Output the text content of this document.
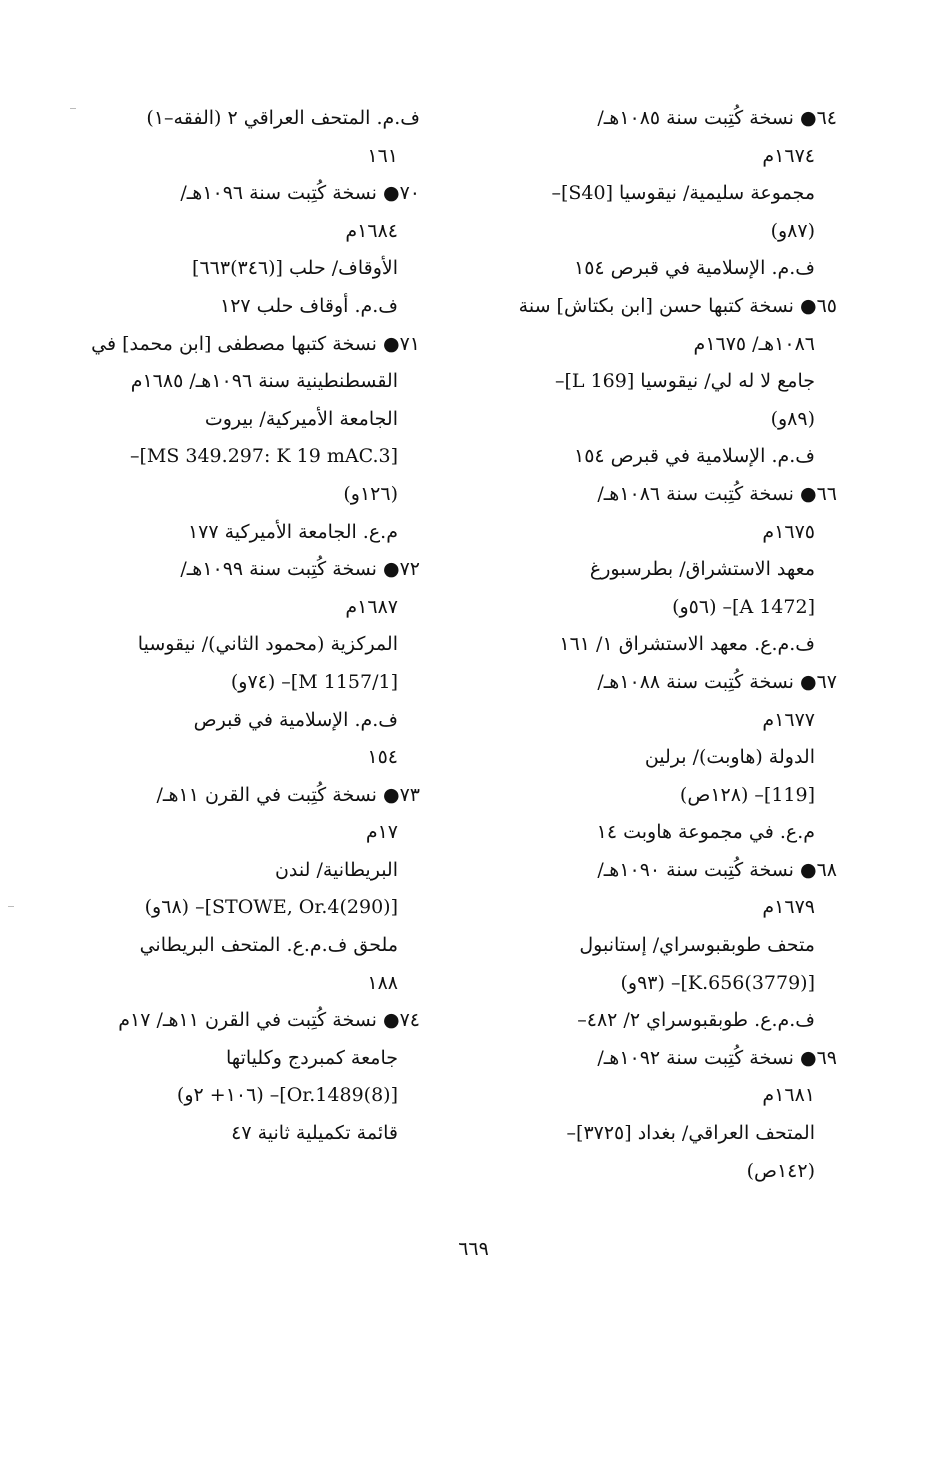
٦٤● نسخة كُتِبت سنة ١٠٨٥هـ/
١٦٧٤م
مجموعة سليمية/ نيقوسيا [S40]–
(٨٧و)
ف.م. الإسلامية في قبرص ١٥٤
٦٥● نسخة كتبها حسن [ابن بكتاش] سنة
١٠٨٦هـ/ ١٦٧٥م
جامع لا له لي/ نيقوسيا [L 169]–
(٨٩و)
ف.م. الإسلامية في قبرص ١٥٤
٦٦● نسخة كُتِبت سنة ١٠٨٦هـ/
١٦٧٥م
معهد الاستشراق/ بطرسبورغ
[A 1472]– (٥٦و)
ف.م.ع. معهد الاستشراق ١/ ١٦١
٦٧● نسخة كُتِبت سنة ١٠٨٨هـ/
١٦٧٧م
الدولة (هاوبت)/ برلين
[119]– (١٢٨ص)
م.ع. في مجموعة هاوبت ١٤
٦٨● نسخة كُتِبت سنة ١٠٩٠هـ/
١٦٧٩م
متحف طوبقبوسراي/ إستانبول
[(3779)K.656]– (٩٣و)
ف.م.ع. طوبقبوسراي ٢/ ٤٨٢–
٦٩● نسخة كُتِبت سنة ١٠٩٢هـ/
١٦٨١م
المتحف العراقي/ بغداد [٣٧٢٥]–
(١٤٢ص)
ف.م. المتحف العراقي ٢ (الفقه–١)
١٦١
٧٠● نسخة كُتِبت سنة ١٠٩٦هـ/
١٦٨٤م
الأوقاف/ حلب [(٣٤٦)٦٦٣]
ف.م. أوقاف حلب ١٢٧
٧١● نسخة كتبها مصطفى [ابن محمد] في
القسطنطينية سنة ١٠٩٦هـ/ ١٦٨٥م
الجامعة الأميركية/ بيروت
[MS 349.297: K 19 mAC.3]–
(١٢٦و)
م.ع. الجامعة الأميركية ١٧٧
٧٢● نسخة كُتِبت سنة ١٠٩٩هـ/
١٦٨٧م
المركزية (محمود الثاني)/ نيقوسيا
[M 1157/1]– (٧٤و)
ف.م. الإسلامية في قبرص
١٥٤
٧٣● نسخة كُتِبت في القرن ١١هـ/
١٧م
البريطانية/ لندن
[(290)STOWE, Or.4]– (٦٨و)
ملحق ف.م.ع. المتحف البريطاني
١٨٨
٧٤● نسخة كُتِبت في القرن ١١هـ/ ١٧م
جامعة كمبردج وكلياتها
[Or.1489(8)]– (١٠٦+ ٢و)
قائمة تكميلية ثانية ٤٧
٦٦٩
